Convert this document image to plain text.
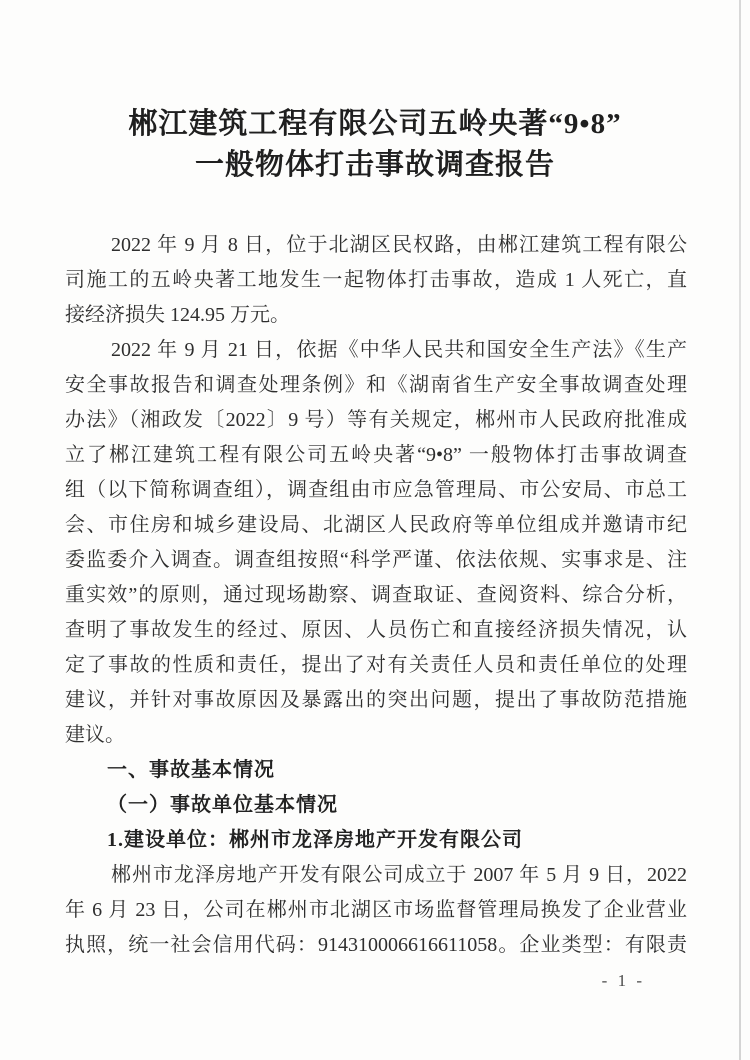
郴江建筑工程有限公司五岭央著“9•8”
一般物体打击事故调查报告
2022 年 9 月 8 日，位于北湖区民权路，由郴江建筑工程有限公
司施工的五岭央著工地发生一起物体打击事故，造成 1 人死亡，直
接经济损失 124.95 万元。
2022 年 9 月 21 日，依据《中华人民共和国安全生产法》《生产
安全事故报告和调查处理条例》和《湖南省生产安全事故调查处理
办法》（湘政发〔2022〕9 号）等有关规定，郴州市人民政府批准成
立了郴江建筑工程有限公司五岭央著“9•8” 一般物体打击事故调查
组（以下简称调查组），调查组由市应急管理局、市公安局、市总工
会、市住房和城乡建设局、北湖区人民政府等单位组成并邀请市纪
委监委介入调查。调查组按照“科学严谨、依法依规、实事求是、注
重实效”的原则，通过现场勘察、调查取证、查阅资料、综合分析，
查明了事故发生的经过、原因、人员伤亡和直接经济损失情况，认
定了事故的性质和责任，提出了对有关责任人员和责任单位的处理
建议，并针对事故原因及暴露出的突出问题，提出了事故防范措施
建议。
一、事故基本情况
（一）事故单位基本情况
1.建设单位：郴州市龙泽房地产开发有限公司
郴州市龙泽房地产开发有限公司成立于 2007 年 5 月 9 日，2022
年 6 月 23 日，公司在郴州市北湖区市场监督管理局换发了企业营业
执照，统一社会信用代码：914310006616611058。企业类型：有限责
- 1 -
